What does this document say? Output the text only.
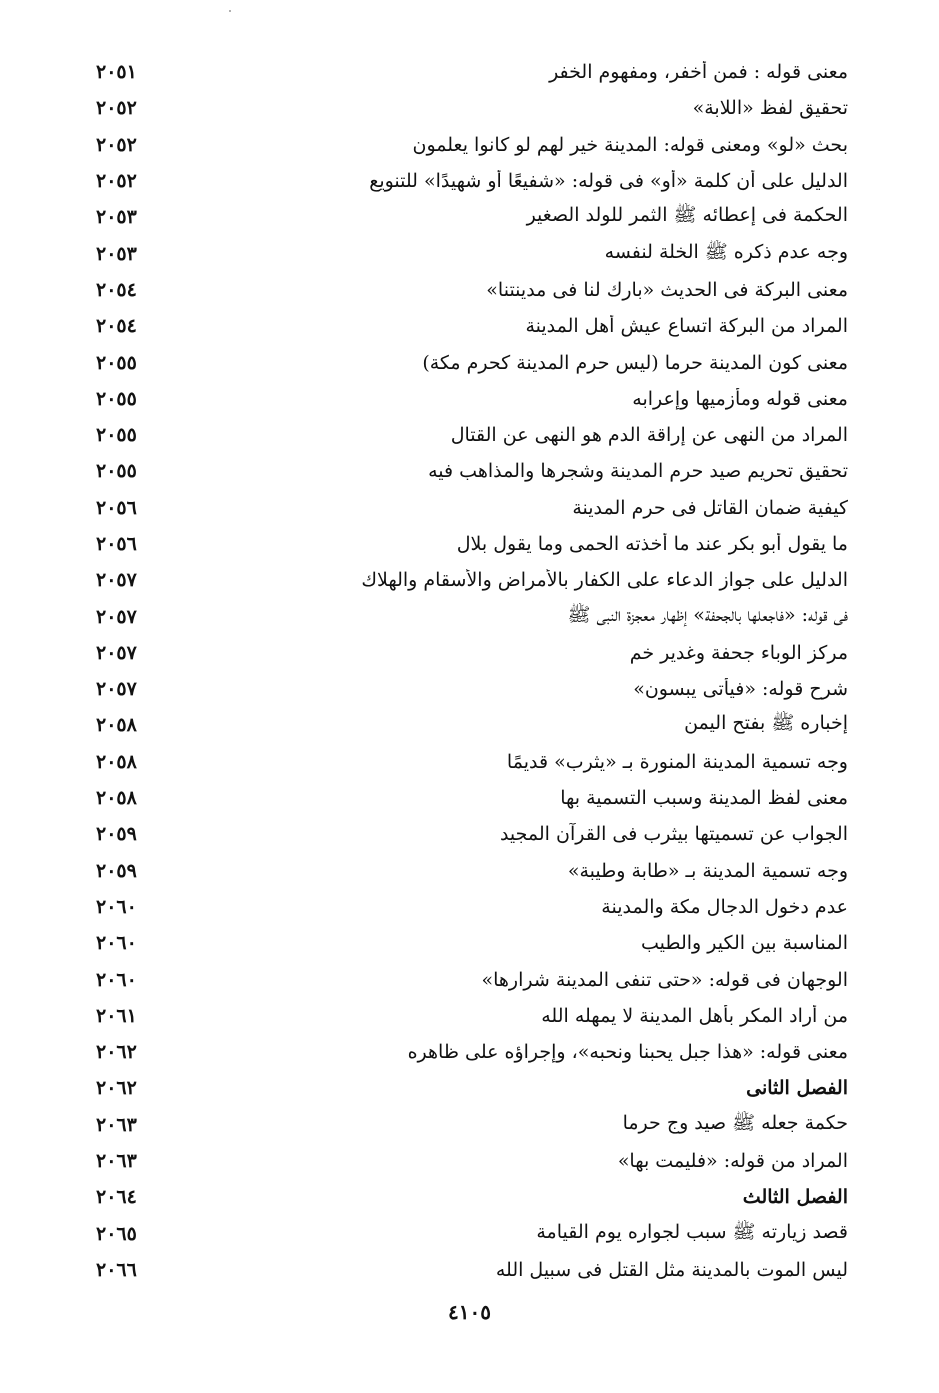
٢٠٥١	معنى قوله : فمن أخفر، ومفهوم الخفر
٢٠٥٢	تحقيق لفظ «اللابة»
٢٠٥٢	بحث «لو» ومعنى قوله: المدينة خير لهم لو كانوا يعلمون
٢٠٥٢	الدليل على أن كلمة «أو» فى قوله: «شفيعًا أو شهيدًا» للتنويع
٢٠٥٣	الحكمة فى إعطائه ﷺ الثمر للولد الصغير
٢٠٥٣	وجه عدم ذكره ﷺ الخلة لنفسه
٢٠٥٤	معنى البركة فى الحديث «بارك لنا فى مدينتنا»
٢٠٥٤	المراد من البركة اتساع عيش أهل المدينة
٢٠٥٥	معنى كون المدينة حرما (ليس حرم المدينة كحرم مكة)
٢٠٥٥	معنى قوله ومأزميها وإعرابه
٢٠٥٥	المراد من النهى عن إراقة الدم هو النهى عن القتال
٢٠٥٥	تحقيق تحريم صيد حرم المدينة وشجرها والمذاهب فيه
٢٠٥٦	كيفية ضمان القاتل فى حرم المدينة
٢٠٥٦	ما يقول أبو بكر عند ما أخذته الحمى وما يقول بلال
٢٠٥٧	الدليل على جواز الدعاء على الكفار بالأمراض والأسقام والهلاك
٢٠٥٧	فى قوله: «فاجعلها بالجحفة» إظهار معجزة النبى ﷺ
٢٠٥٧	مركز الوباء جحفة وغدير خم
٢٠٥٧	شرح قوله: «فيأتى يبسون»
٢٠٥٨	إخباره ﷺ بفتح اليمن
٢٠٥٨	وجه تسمية المدينة المنورة بـ «يثرب» قديمًا
٢٠٥٨	معنى لفظ المدينة وسبب التسمية بها
٢٠٥٩	الجواب عن تسميتها بيثرب فى القرآن المجيد
٢٠٥٩	وجه تسمية المدينة بـ «طابة وطيبة»
٢٠٦٠	عدم دخول الدجال مكة والمدينة
٢٠٦٠	المناسبة بين الكير والطيب
٢٠٦٠	الوجهان فى قوله: «حتى تنفى المدينة شرارها»
٢٠٦١	من أراد المكر بأهل المدينة لا يمهله الله
٢٠٦٢	معنى قوله: «هذا جبل يحبنا ونحبه»، وإجراؤه على ظاهره
٢٠٦٢	الفصل الثانى
٢٠٦٣	حكمة جعله ﷺ صيد وج حرما
٢٠٦٣	المراد من قوله: «فليمت بها»
٢٠٦٤	الفصل الثالث
٢٠٦٥	قصد زيارته ﷺ سبب لجواره يوم القيامة
٢٠٦٦	ليس الموت بالمدينة مثل القتل فى سبيل الله
٤١٠٥
